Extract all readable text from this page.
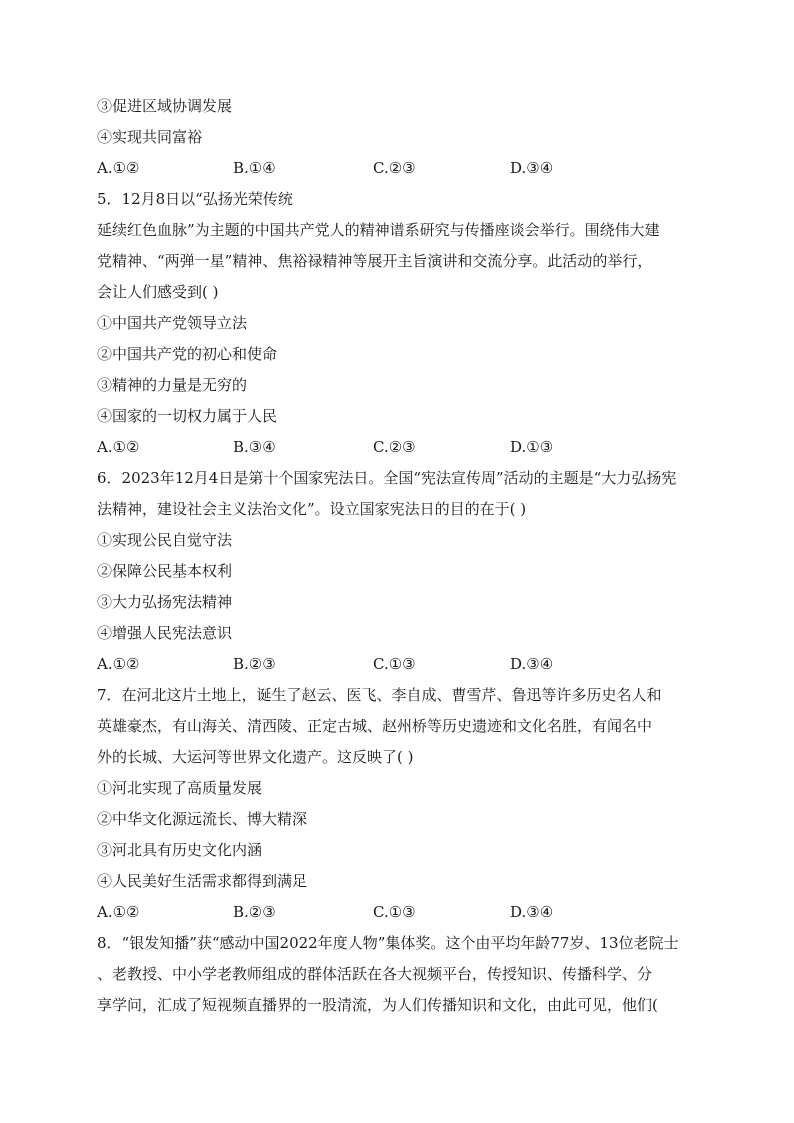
③促进区域协调发展
④实现共同富裕
A.①②	B.①④	C.②③	D.③④
5．12月8日以“弘扬光荣传统
延续红色血脉”为主题的中国共产党人的精神谱系研究与传播座谈会举行。围绕伟大建
党精神、“两弹一星”精神、焦裕禄精神等展开主旨演讲和交流分享。此活动的举行，
会让人们感受到( )
①中国共产党领导立法
②中国共产党的初心和使命
③精神的力量是无穷的
④国家的一切权力属于人民
A.①②	B.③④	C.②③	D.①③
6．2023年12月4日是第十个国家宪法日。全国“宪法宣传周”活动的主题是“大力弘扬宪
法精神，建设社会主义法治文化”。设立国家宪法日的目的在于( )
①实现公民自觉守法
②保障公民基本权利
③大力弘扬宪法精神
④增强人民宪法意识
A.①②	B.②③	C.①③	D.③④
7．在河北这片土地上，诞生了赵云、医飞、李自成、曹雪芹、鲁迅等许多历史名人和
英雄豪杰，有山海关、清西陵、正定古城、赵州桥等历史遗迹和文化名胜，有闻名中
外的长城、大运河等世界文化遗产。这反映了( )
①河北实现了高质量发展
②中华文化源远流长、博大精深
③河北具有历史文化内涵
④人民美好生活需求都得到满足
A.①②	B.②③	C.①③	D.③④
8．“银发知播”获“感动中国2022年度人物”集体奖。这个由平均年龄77岁、13位老院士
、老教授、中小学老教师组成的群体活跃在各大视频平台，传授知识、传播科学、分
享学问，汇成了短视频直播界的一股清流，为人们传播知识和文化，由此可见，他们(
